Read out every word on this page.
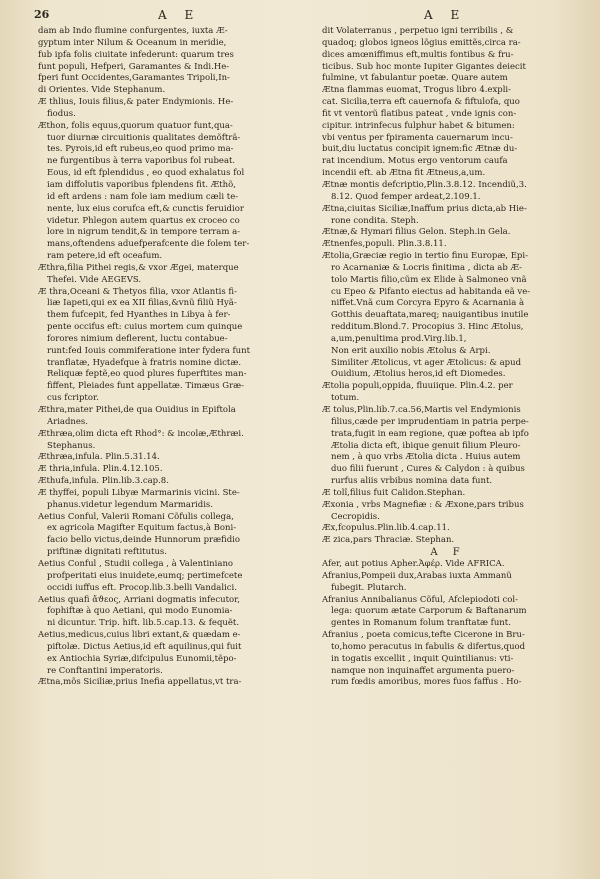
26	A E	A E
dam ab Indo flumine confurgentes, iuxta Æ-
gyptum inter Nilum & Oceanum in meridie,
fub ipfa folis ciuitate infederunt: quarum tres
funt populi, Hefperi, Garamantes & Indi.He-
fperi funt Occidentes,Garamantes Tripoli,In-
di Orientes. Vide Stephanum.
Æ thlius, Iouis filius,& pater Endymionis. He-
fiodus.
Æthon, folis equus,quorum quatuor funt,qua-
tuor diurnæ circuitionis qualitates demõftrã-
tes. Pyrois,id eft rubeus,eo quod primo ma-
ne furgentibus à terra vaporibus fol rubeat.
Eous, id eft fplendidus , eo quod exhalatus fol
iam diffolutis vaporibus fplendens fit. Æthõ,
id eft ardens : nam fole iam medium cæli te-
nente, lux eius corufca eft,& cunctis feruidior
videtur. Phlegon autem quartus ex croceo co
lore in nigrum tendit,& in tempore terram a-
mans,oftendens aduefperafcente die folem ter-
ram petere,id eft oceafum.
Æthra,filia Pithei regis,& vxor Ægei, materque
Thefei. Vide AEGEVS.
Æ thra,Oceani & Thetyos filia, vxor Atlantis fi-
liæ Iapeti,qui ex ea XII filias,&vnũ filiũ Hyã-
them fufcepit, fed Hyanthes in Libya à fer-
pente occifus eft: cuius mortem cum quinque
forores nimium deflerent, luctu contabue-
runt:fed Iouis commiferatione inter fydera funt
tranflatæ, Hyadefque à fratris nomine dictæ.
Reliquæ feptẽ,eo quod plures fuperftites man-
fiffent, Pleiades funt appellatæ. Timæus Græ-
cus fcriptor.
Æthra,mater Pithei,de qua Ouidius in Epiftola
Ariadnes.
Æthræa,olim dicta eft Rhod°: & incolæ,Æthræi.
Stephanus.
Æthræa,infula. Plin.5.31.14.
Æ thria,infula. Plin.4.12.105.
Æthufa,infula. Plin.lib.3.cap.8.
Æ thyffei, populi Libyæ Marmarinis vicini. Ste-
phanus.videtur legendum Marmaridis.
Aetius Conful, Valerii Romani Cõfulis collega,
ex agricola Magifter Equitum factus,à Boni-
facio bello victus,deinde Hunnorum præfidio
priftinæ dignitati reftitutus.
Aetius Conful , Studii collega , à Valentiniano
profperitati eius inuidete,eumq; pertimefcete
occidi iuffus eft. Procop.lib.3.belli Vandalici.
Aetius quafi ἄϑεος, Arriani dogmatis infecutor,
fophiftæ à quo Aetiani, qui modo Eunomia-
ni dicuntur. Trip. hift. lib.5.cap.13. & fequẽt.
Aetius,medicus,cuius libri extant,& quædam e-
piftolæ. Dictus Aetius,id eft aquilinus,qui fuit
ex Antiochia Syriæ,difcipulus Eunomii,tẽpo-
re Conftantini imperatoris.
Ætna,mõs Siciliæ,prius Inefia appellatus,vt tra-
dit Volaterranus , perpetuo igni terribilis , &
quadoq; globos igneos lõgius emittẽs,circa ra-
dices amœniffimus eft,multis fontibus & fru-
ticibus. Sub hoc monte Iupiter Gigantes deiecit
fulmine, vt fabulantur poetæ. Quare autem
Ætna flammas euomat, Trogus libro 4.expli-
cat. Sicilia,terra eft cauernofa & fiftulofa, quo
fit vt ventorũ flatibus pateat , vnde ignis con-
cipitur. intrinfecus fulphur habet & bitumen:
vbi ventus per fpiramenta cauernarum incu-
buit,diu luctatus concipit ignem:fic Ætnæ du-
rat incendium. Motus ergo ventorum caufa
incendii eft. ab Ætna fit Ætneus,a,um.
Ætnæ montis defcriptio,Plin.3.8.12. Incendiũ,3.
8.12. Quod femper ardeat,2.109.1.
Ætna,ciuitas Siciliæ,Inaffum prius dicta,ab Hie-
rone condita. Steph.
Ætnæ,& Hymari filius Gelon. Steph.in Gela.
Ætnenfes,populi. Plin.3.8.11.
Ætolia,Græciæ regio in tertio finu Europæ, Epi-
ro Acarnaniæ & Locris finitima , dicta ab Æ-
tolo Martis filio,cũm ex Elide à Salmoneo vnã
cu Epeo & Pifanto eiectus ad habitanda eã ve-
niffet.Vnã cum Corcyra Epyro & Acarnania à
Gotthis deuaftata,mareq; nauigantibus inutile
redditum.Blond.7. Procopius 3. Hinc Ætolus,
a,um,penultima prod.Virg.lib.1,
Non erit auxilio nobis Ætolus & Arpi.
Similiter Ætolicus, vt ager Ætolicus: & apud
Ouidium, Ætolius heros,id eft Diomedes.
Ætolia populi,oppida, fluuiique. Plin.4.2. per
totum.
Æ tolus,Plin.lib.7.ca.56,Martis vel Endymionis
filius,cæde per imprudentiam in patria perpe-
trata,fugit in eam regione, quæ poftea ab ipfo
Ætolia dicta eft, ibique genuit filium Pleuro-
nem , à quo vrbs Ætolia dicta . Huius autem
duo filii fuerunt , Cures & Calydon : à quibus
rurfus aliis vrbibus nomina data funt.
Æ tolî,filius fuit Calidon.Stephan.
Æxonia , vrbs Magnefiæ : & Æxone,pars tribus
Cecropidis.
Æx,fcopulus.Plin.lib.4.cap.11.
Æ zica,pars Thraciæ. Stephan.
A F
Afer, aut potius Apher.Ἀφέρ. Vide AFRICA.
Afranius,Pompeii dux,Arabas iuxta Ammanũ
fubegit. Plutarch.
Afranius Annibalianus Cõful, Afclepiodoti col-
lega: quorum ætate Carporum & Baftanarum
gentes in Romanum folum tranftatæ funt.
Afranius , poeta comicus,tefte Cicerone in Bru-
to,homo peracutus in fabulis & difertus,quod
in togatis excellit , inquit Quintilianus: vti-
namque non inquinaffet argumenta puero-
rum fœdis amoribus, mores fuos faffus . Ho-
